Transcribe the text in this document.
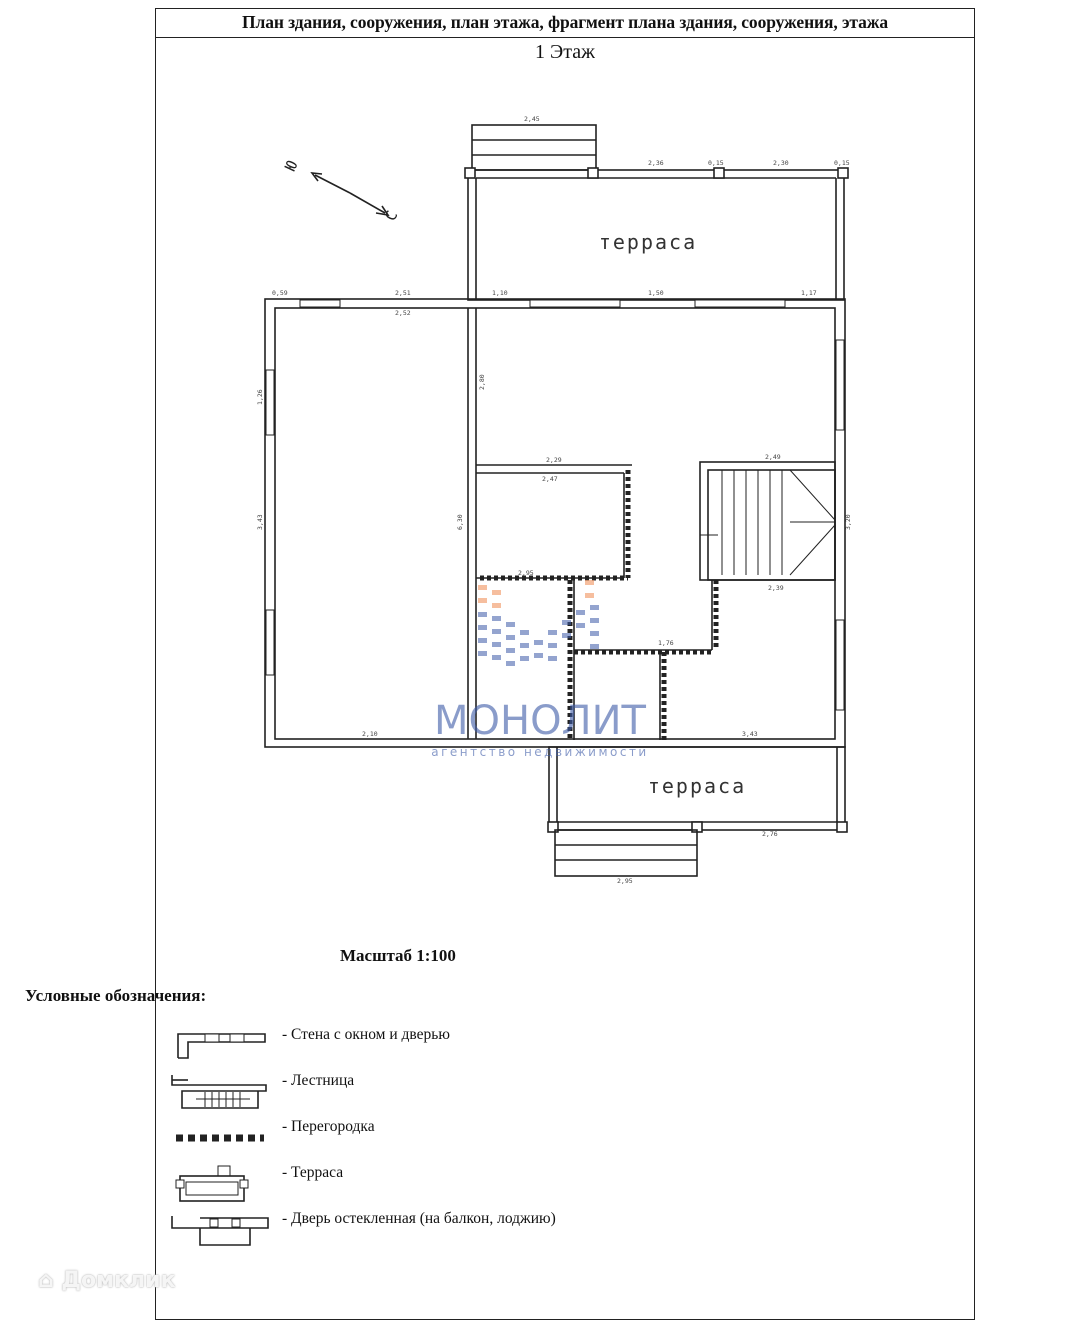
План здания, сооружения, план этажа, фрагмент плана здания, сооружения, этажа
1 Этаж
терраса
терраса
Ю
С
2,45
2,36	2,30
0,15	0,15
0,59	2,51	1,10	1,50	1,17
2,52
2,29
2,47
2,49
2,39
2,95
1,76
3,43
2,10
2,76
2,95
6,30
3,43
1,26
3,20
2,80
МОНОЛИТ
агентство недвижимости
Масштаб 1:100
Условные обозначения:
- Стена с окном и дверью
- Лестница
- Перегородка
- Терраса
- Дверь остекленная (на балкон, лоджию)
⌂ Домклик
